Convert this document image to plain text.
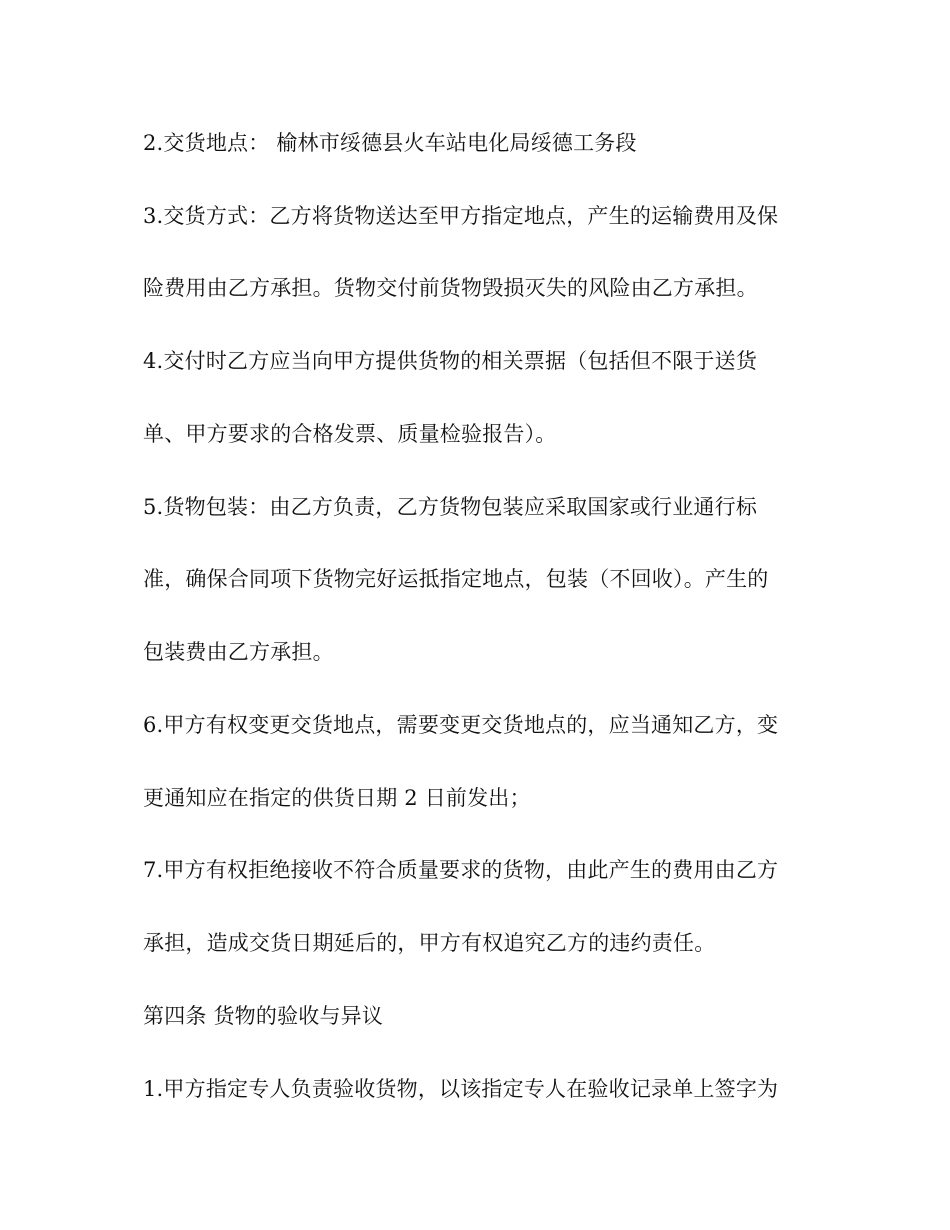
2.交货地点： 榆林市绥德县火车站电化局绥德工务段
3.交货方式：乙方将货物送达至甲方指定地点，产生的运输费用及保
险费用由乙方承担。货物交付前货物毁损灭失的风险由乙方承担。
4.交付时乙方应当向甲方提供货物的相关票据（包括但不限于送货
单、甲方要求的合格发票、质量检验报告）。
5.货物包装：由乙方负责，乙方货物包装应采取国家或行业通行标
准，确保合同项下货物完好运抵指定地点，包装（不回收）。产生的
包装费由乙方承担。
6.甲方有权变更交货地点，需要变更交货地点的，应当通知乙方，变
更通知应在指定的供货日期 2 日前发出；
7.甲方有权拒绝接收不符合质量要求的货物，由此产生的费用由乙方
承担，造成交货日期延后的，甲方有权追究乙方的违约责任。
第四条 货物的验收与异议
1.甲方指定专人负责验收货物，以该指定专人在验收记录单上签字为
